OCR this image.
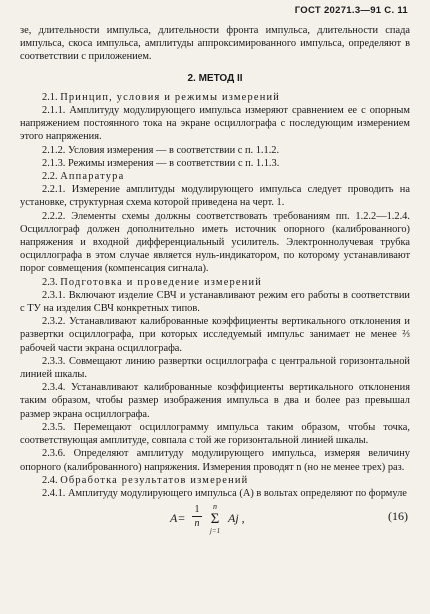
ГОСТ 20271.3—91 С. 11

зе, длительности импульса, длительности фронта импульса, длительности спада импульса, скоса импульса, амплитуды аппроксимированного импульса, определяют в соответствии с приложением.

2. МЕТОД II

2.1. Принцип, условия и режимы измерений

2.1.1. Амплитуду модулирующего импульса измеряют сравнением ее с опорным напряжением постоянного тока на экране осциллографа с последующим измерением этого напряжения.

2.1.2. Условия измерения — в соответствии с п. 1.1.2.

2.1.3. Режимы измерения — в соответствии с п. 1.1.3.

2.2. Аппаратура

2.2.1. Измерение амплитуды модулирующего импульса следует проводить на установке, структурная схема которой приведена на черт. 1.

2.2.2. Элементы схемы должны соответствовать требованиям пп. 1.2.2—1.2.4. Осциллограф должен дополнительно иметь источник опорного (калиброванного) напряжения и входной дифференциальный усилитель. Электроннолучевая трубка осциллографа в этом случае является нуль-индикатором, по которому устанавливают порог совмещения (компенсация сигнала).

2.3. Подготовка и проведение измерений

2.3.1. Включают изделие СВЧ и устанавливают режим его работы в соответствии с ТУ на изделия СВЧ конкретных типов.

2.3.2. Устанавливают калиброванные коэффициенты вертикального отклонения и развертки осциллографа, при которых исследуемый импульс занимает не менее ⅔ рабочей части экрана осциллографа.

2.3.3. Совмещают линию развертки осциллографа с центральной горизонтальной линией шкалы.

2.3.4. Устанавливают калиброванные коэффициенты вертикального отклонения таким образом, чтобы размер изображения импульса в два и более раз превышал размер экрана осциллографа.

2.3.5. Перемещают осциллограмму импульса таким образом, чтобы точка, соответствующая амплитуде, совпала с той же горизонтальной линией шкалы.

2.3.6. Определяют амплитуду модулирующего импульса, измеряя величину опорного (калиброванного) напряжения. Измерения проводят n (но не менее трех) раз.

2.4. Обработка результатов измерений

2.4.1. Амплитуду модулирующего импульса (A) в вольтах определяют по формуле

A=
1
n
n
Σ
j=1
Aj ,	(16)
